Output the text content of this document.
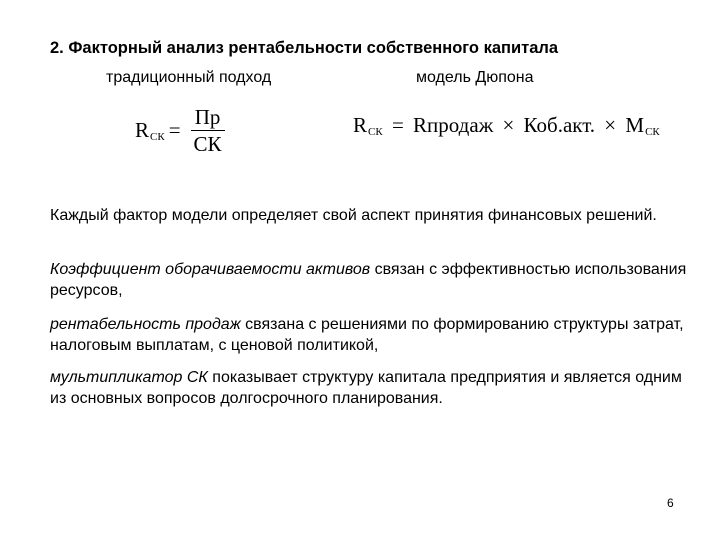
2. Факторный анализ рентабельности собственного капитала
традиционный подход	модель Дюпона
$R_{СК} = \frac{Пр}{СК}$	$R_{СК}$ = Rпродаж × Коб.акт. × $М_{СК}$
Каждый фактор модели определяет свой аспект принятия финансовых решений.
Коэффициент оборачиваемости активов связан с эффективностью использования ресурсов,
рентабельность продаж связана с решениями по формированию структуры затрат, налоговым выплатам, с ценовой политикой,
мультипликатор СК показывает структуру капитала предприятия и является одним из основных вопросов долгосрочного планирования.
6
